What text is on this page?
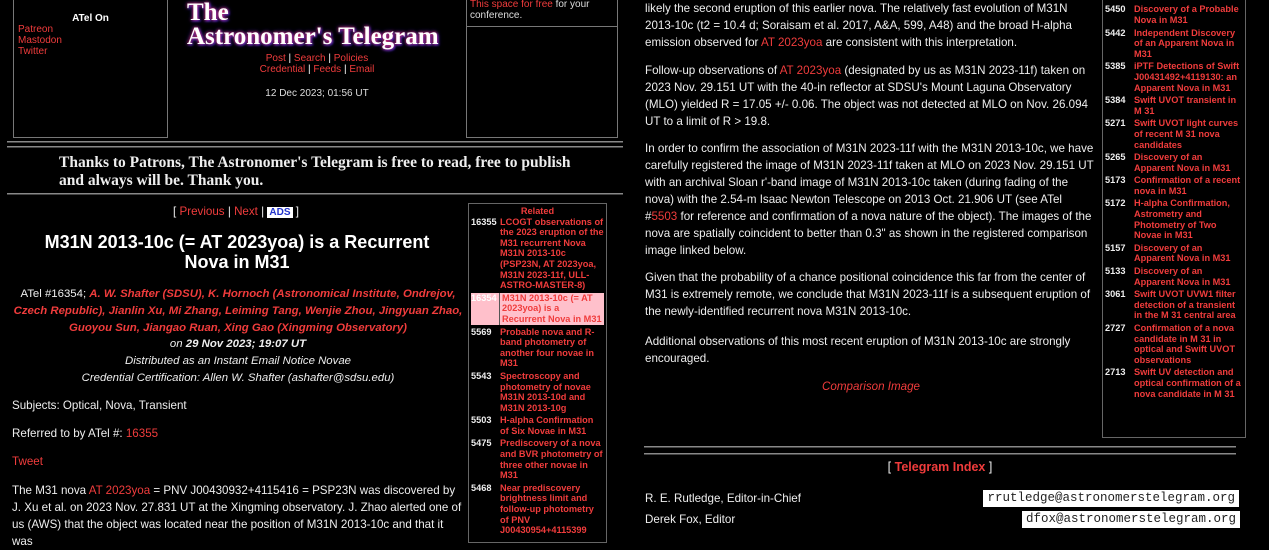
ATel On
Patreon
Mastodon
Twitter
The
Astronomer's Telegram
Post | Search | Policies
Credential | Feeds | Email
12 Dec 2023; 01:56 UT
This space for free for your conference.
Thanks to Patrons, The Astronomer's Telegram is free to read, free to publish and always will be. Thank you.
[ Previous | Next | ADS ]
M31N 2013-10c (= AT 2023yoa) is a Recurrent Nova in M31
ATel #16354; A. W. Shafter (SDSU), K. Hornoch (Astronomical Institute, Ondrejov, Czech Republic), Jianlin Xu, Mi Zhang, Leiming Tang, Wenjie Zhou, Jingyuan Zhao, Guoyou Sun, Jiangao Ruan, Xing Gao (Xingming Observatory)
on 29 Nov 2023; 19:07 UT
Distributed as an Instant Email Notice Novae
Credential Certification: Allen W. Shafter (ashafter@sdsu.edu)
Subjects: Optical, Nova, Transient
Referred to by ATel #: 16355
Tweet
The M31 nova AT 2023yoa = PNV J00430932+4115416 = PSP23N was discovered by J. Xu et al. on 2023 Nov. 27.831 UT at the Xingming observatory. J. Zhao alerted one of us (AWS) that the object was located near the position of M31N 2013-10c and that it was
Related
16355 LCOGT observations of the 2023 eruption of the M31 recurrent Nova M31N 2013-10c (PSP23N, AT 2023yoa, M31N 2023-11f, ULL-ASTRO-MASTER-8)
16354 M31N 2013-10c (= AT 2023yoa) is a Recurrent Nova in M31
5569 Probable nova and R-band photometry of another four novae in M31
5543 Spectroscopy and photometry of novae M31N 2013-10d and M31N 2013-10g
5503 H-alpha Confirmation of Six Novae in M31
5475 Prediscovery of a nova and BVR photometry of three other novae in M31
5468 Near prediscovery brightness limit and follow-up photometry of PNV J00430954+4115399
likely the second eruption of this earlier nova. The relatively fast evolution of M31N 2013-10c (t2 = 10.4 d; Soraisam et al. 2017, A&A, 599, A48) and the broad H-alpha emission observed for AT 2023yoa are consistent with this interpretation.
Follow-up observations of AT 2023yoa (designated by us as M31N 2023-11f) taken on 2023 Nov. 29.151 UT with the 40-in reflector at SDSU's Mount Laguna Observatory (MLO) yielded R = 17.05 +/- 0.06. The object was not detected at MLO on Nov. 26.094 UT to a limit of R > 19.8.
In order to confirm the association of M31N 2023-11f with the M31N 2013-10c, we have carefully registered the image of M31N 2023-11f taken at MLO on 2023 Nov. 29.151 UT with an archival Sloan r'-band image of M31N 2013-10c taken (during fading of the nova) with the 2.54-m Isaac Newton Telescope on 2013 Oct. 21.906 UT (see ATel #5503 for reference and confirmation of a nova nature of the object). The images of the nova are spatially coincident to better than 0.3" as shown in the registered comparison image linked below.
Given that the probability of a chance positional coincidence this far from the center of M31 is extremely remote, we conclude that M31N 2023-11f is a subsequent eruption of the newly-identified recurrent nova M31N 2013-10c.
Additional observations of this most recent eruption of M31N 2013-10c are strongly encouraged.
Comparison Image
5450 Discovery of a Probable Nova in M31
5442 Independent Discovery of an Apparent Nova in M31
5385 iPTF Detections of Swift J00431492+4119130: an Apparent Nova in M31
5384 Swift UVOT transient in M 31
5271 Swift UVOT light curves of recent M 31 nova candidates
5265 Discovery of an Apparent Nova in M31
5173 Confirmation of a recent nova in M31
5172 H-alpha Confirmation, Astrometry and Photometry of Two Novae in M31
5157 Discovery of an Apparent Nova in M31
5133 Discovery of an Apparent Nova in M31
3061 Swift UVOT UVW1 filter detection of a transient in the M 31 central area
2727 Confirmation of a nova candidate in M 31 in optical and Swift UVOT observations
2713 Swift UV detection and optical confirmation of a nova candidate in M 31
[ Telegram Index ]
R. E. Rutledge, Editor-in-Chief	rrutledge@astronomerstelegram.org
Derek Fox, Editor	dfox@astronomerstelegram.org
